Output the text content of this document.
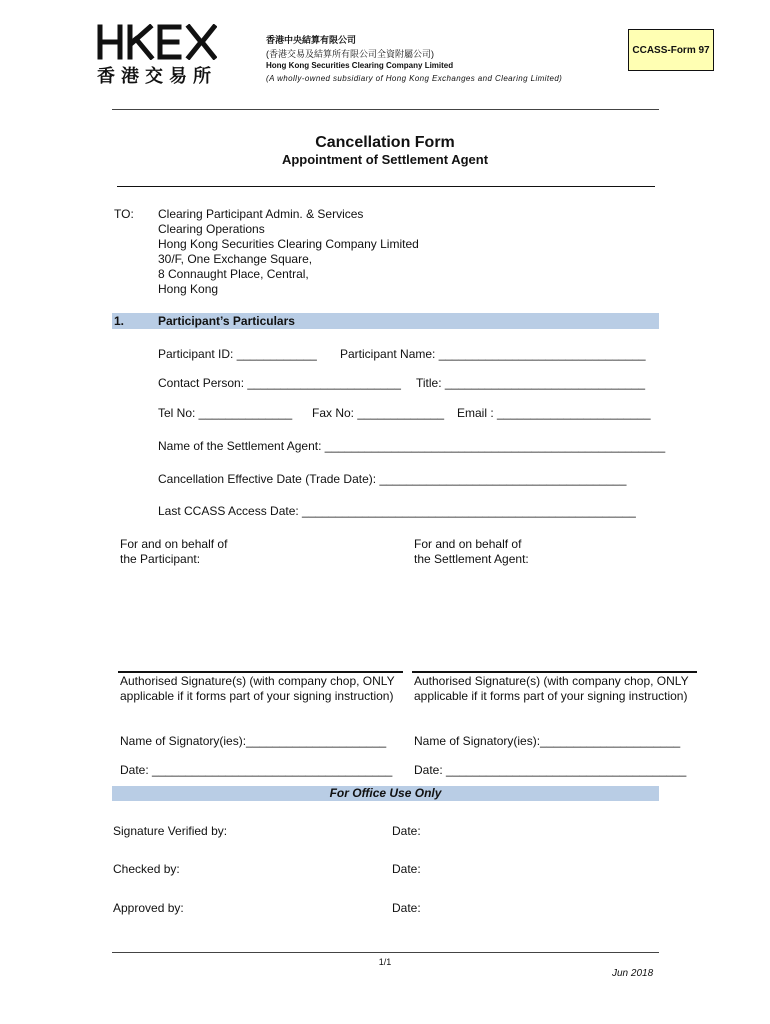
香港交易所
香港中央結算有限公司
(香港交易及結算所有限公司全資附屬公司)
Hong Kong Securities Clearing Company Limited
(A wholly-owned subsidiary of Hong Kong Exchanges and Clearing Limited)
CCASS-Form 97
Cancellation Form
Appointment of Settlement Agent
TO: Clearing Participant Admin. & Services
Clearing Operations
Hong Kong Securities Clearing Company Limited
30/F, One Exchange Square,
8 Connaught Place, Central,
Hong Kong
1.	Participant’s Particulars
Participant ID: ____________ Participant Name: _______________________________
Contact Person: _______________________ Title: ______________________________
Tel No: ______________ Fax No: _____________ Email : _______________________
Name of the Settlement Agent: ___________________________________________________
Cancellation Effective Date (Trade Date): _____________________________________
Last CCASS Access Date: __________________________________________________
For and on behalf of
the Participant:
For and on behalf of
the Settlement Agent:
Authorised Signature(s) (with company chop, ONLY applicable if it forms part of your signing instruction)
Authorised Signature(s) (with company chop, ONLY applicable if it forms part of your signing instruction)
Name of Signatory(ies):_____________________ Name of Signatory(ies):_____________________
Date: ____________________________________ Date: ____________________________________
For Office Use Only
Signature Verified by:	Date:
Checked by:	Date:
Approved by:	Date:
1/1
Jun 2018
